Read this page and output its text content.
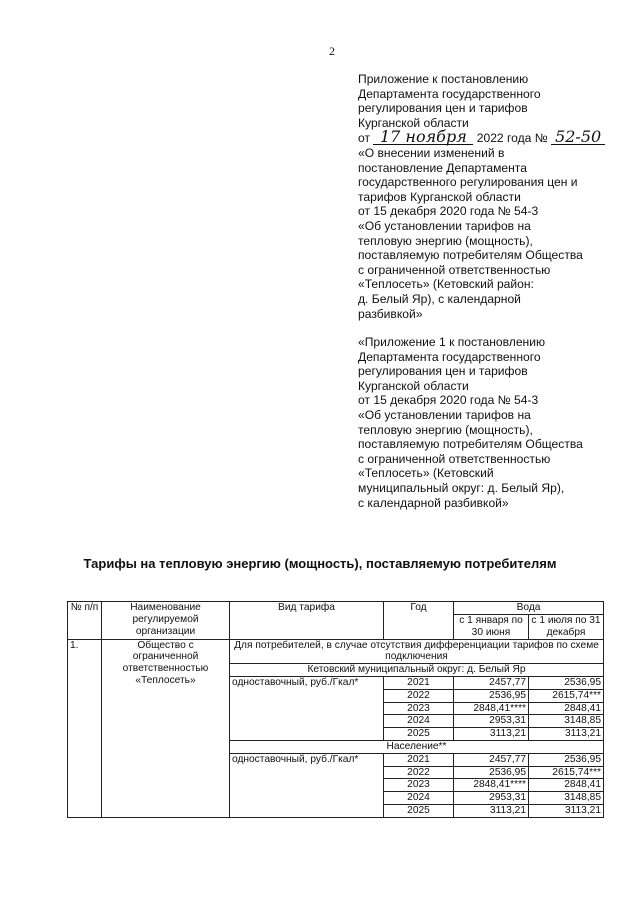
2
Приложение к постановлению
Департамента государственного
регулирования цен и тарифов
Курганской области
от 17 ноября 2022 года № 52-50
«О внесении изменений в
постановление Департамента
государственного регулирования цен и
тарифов Курганской области
от 15 декабря 2020 года № 54-3
«Об установлении тарифов на
тепловую энергию (мощность),
поставляемую потребителям Общества
с ограниченной ответственностью
«Теплосеть» (Кетовский район:
д. Белый Яр), с календарной
разбивкой»
«Приложение 1 к постановлению
Департамента государственного
регулирования цен и тарифов
Курганской области
от 15 декабря 2020 года № 54-3
«Об установлении тарифов на
тепловую энергию (мощность),
поставляемую потребителям Общества
с ограниченной ответственностью
«Теплосеть» (Кетовский
муниципальный округ: д. Белый Яр),
с календарной разбивкой»
Тарифы на тепловую энергию (мощность), поставляемую потребителям
№ п/п	Наименование регулируемой организации	Вид тарифа	Год	Вода	
				с 1 января по 30 июня	с 1 июля по 31 декабря
1.	Общество с ограниченной ответственностью «Теплосеть»	Для потребителей, в случае отсутствия дифференциации тарифов по схеме подключения			
		Кетовский муниципальный округ: д. Белый Яр			
		одноставочный, руб./Гкал*	2021	2457,77	2536,95
			2022	2536,95	2615,74***
			2023	2848,41****	2848,41
			2024	2953,31	3148,85
			2025	3113,21	3113,21
		Население**			
		одноставочный, руб./Гкал*	2021	2457,77	2536,95
			2022	2536,95	2615,74***
			2023	2848,41****	2848,41
			2024	2953,31	3148,85
			2025	3113,21	3113,21
